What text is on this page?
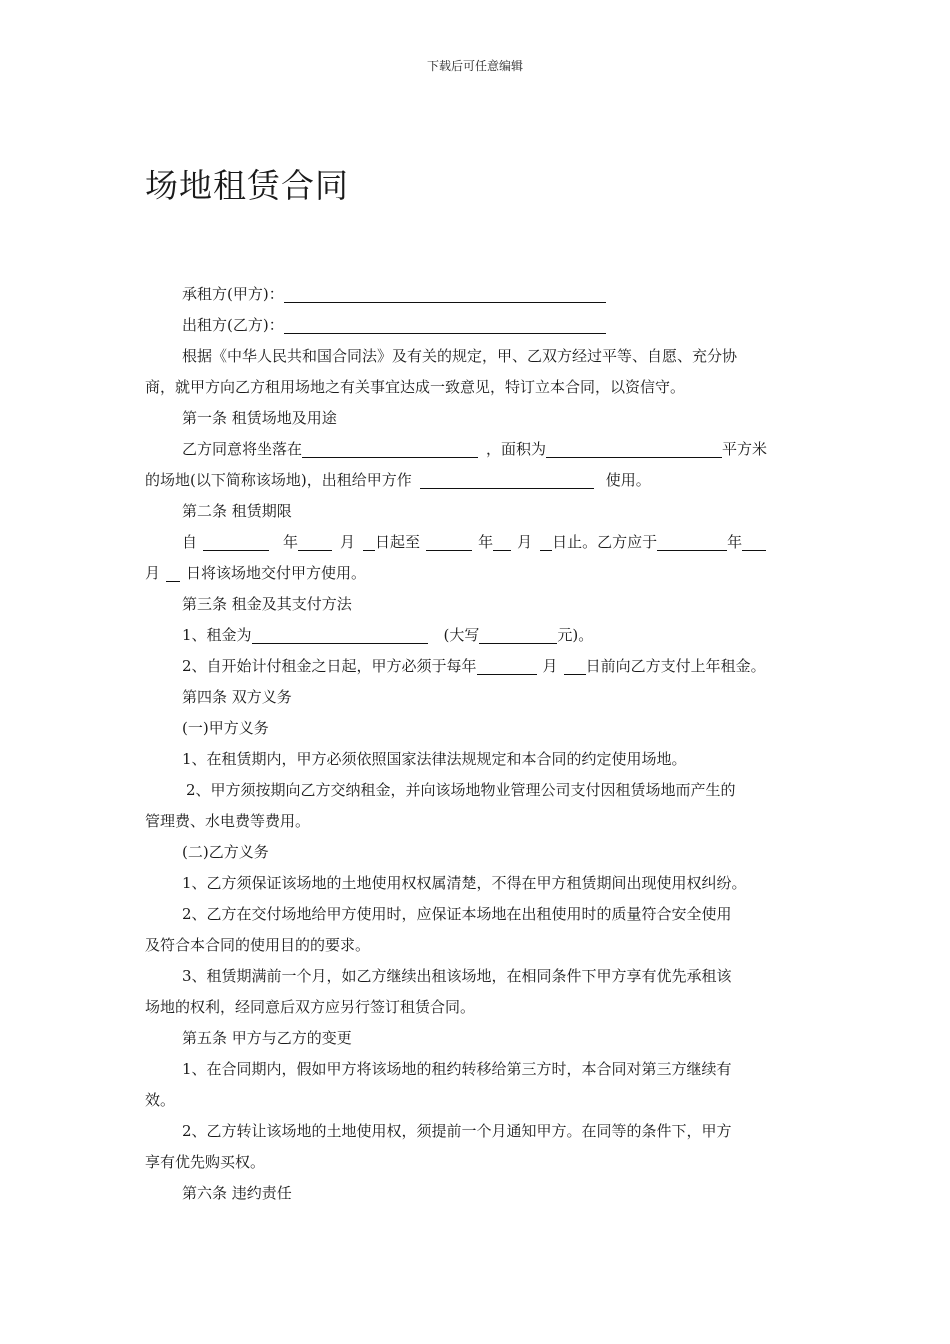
下载后可任意编辑
场地租赁合同
承租方(甲方)：
出租方(乙方)：
根据《中华人民共和国合同法》及有关的规定，甲、乙双方经过平等、自愿、充分协
商，就甲方向乙方租用场地之有关事宜达成一致意见，特订立本合同，以资信守。
第一条 租赁场地及用途
乙方同意将坐落在	，面积为	平方米
的场地(以下简称该场地)，出租给甲方作	使用。
第二条 租赁期限
自	年	月 日起至	年 月 日止。乙方应于	年
月 日将该场地交付甲方使用。
第三条 租金及其支付方法
1、租金为	(大写	元)。
2、自开始计付租金之日起，甲方必须于每年	月 日前向乙方支付上年租金。
第四条 双方义务
(一)甲方义务
1、在租赁期内，甲方必须依照国家法律法规规定和本合同的约定使用场地。
2、甲方须按期向乙方交纳租金，并向该场地物业管理公司支付因租赁场地而产生的
管理费、水电费等费用。
(二)乙方义务
1、乙方须保证该场地的土地使用权权属清楚，不得在甲方租赁期间出现使用权纠纷。
2、乙方在交付场地给甲方使用时，应保证本场地在出租使用时的质量符合安全使用
及符合本合同的使用目的的要求。
3、租赁期满前一个月，如乙方继续出租该场地，在相同条件下甲方享有优先承租该
场地的权利，经同意后双方应另行签订租赁合同。
第五条 甲方与乙方的变更
1、在合同期内，假如甲方将该场地的租约转移给第三方时，本合同对第三方继续有
效。
2、乙方转让该场地的土地使用权，须提前一个月通知甲方。在同等的条件下，甲方
享有优先购买权。
第六条 违约责任
